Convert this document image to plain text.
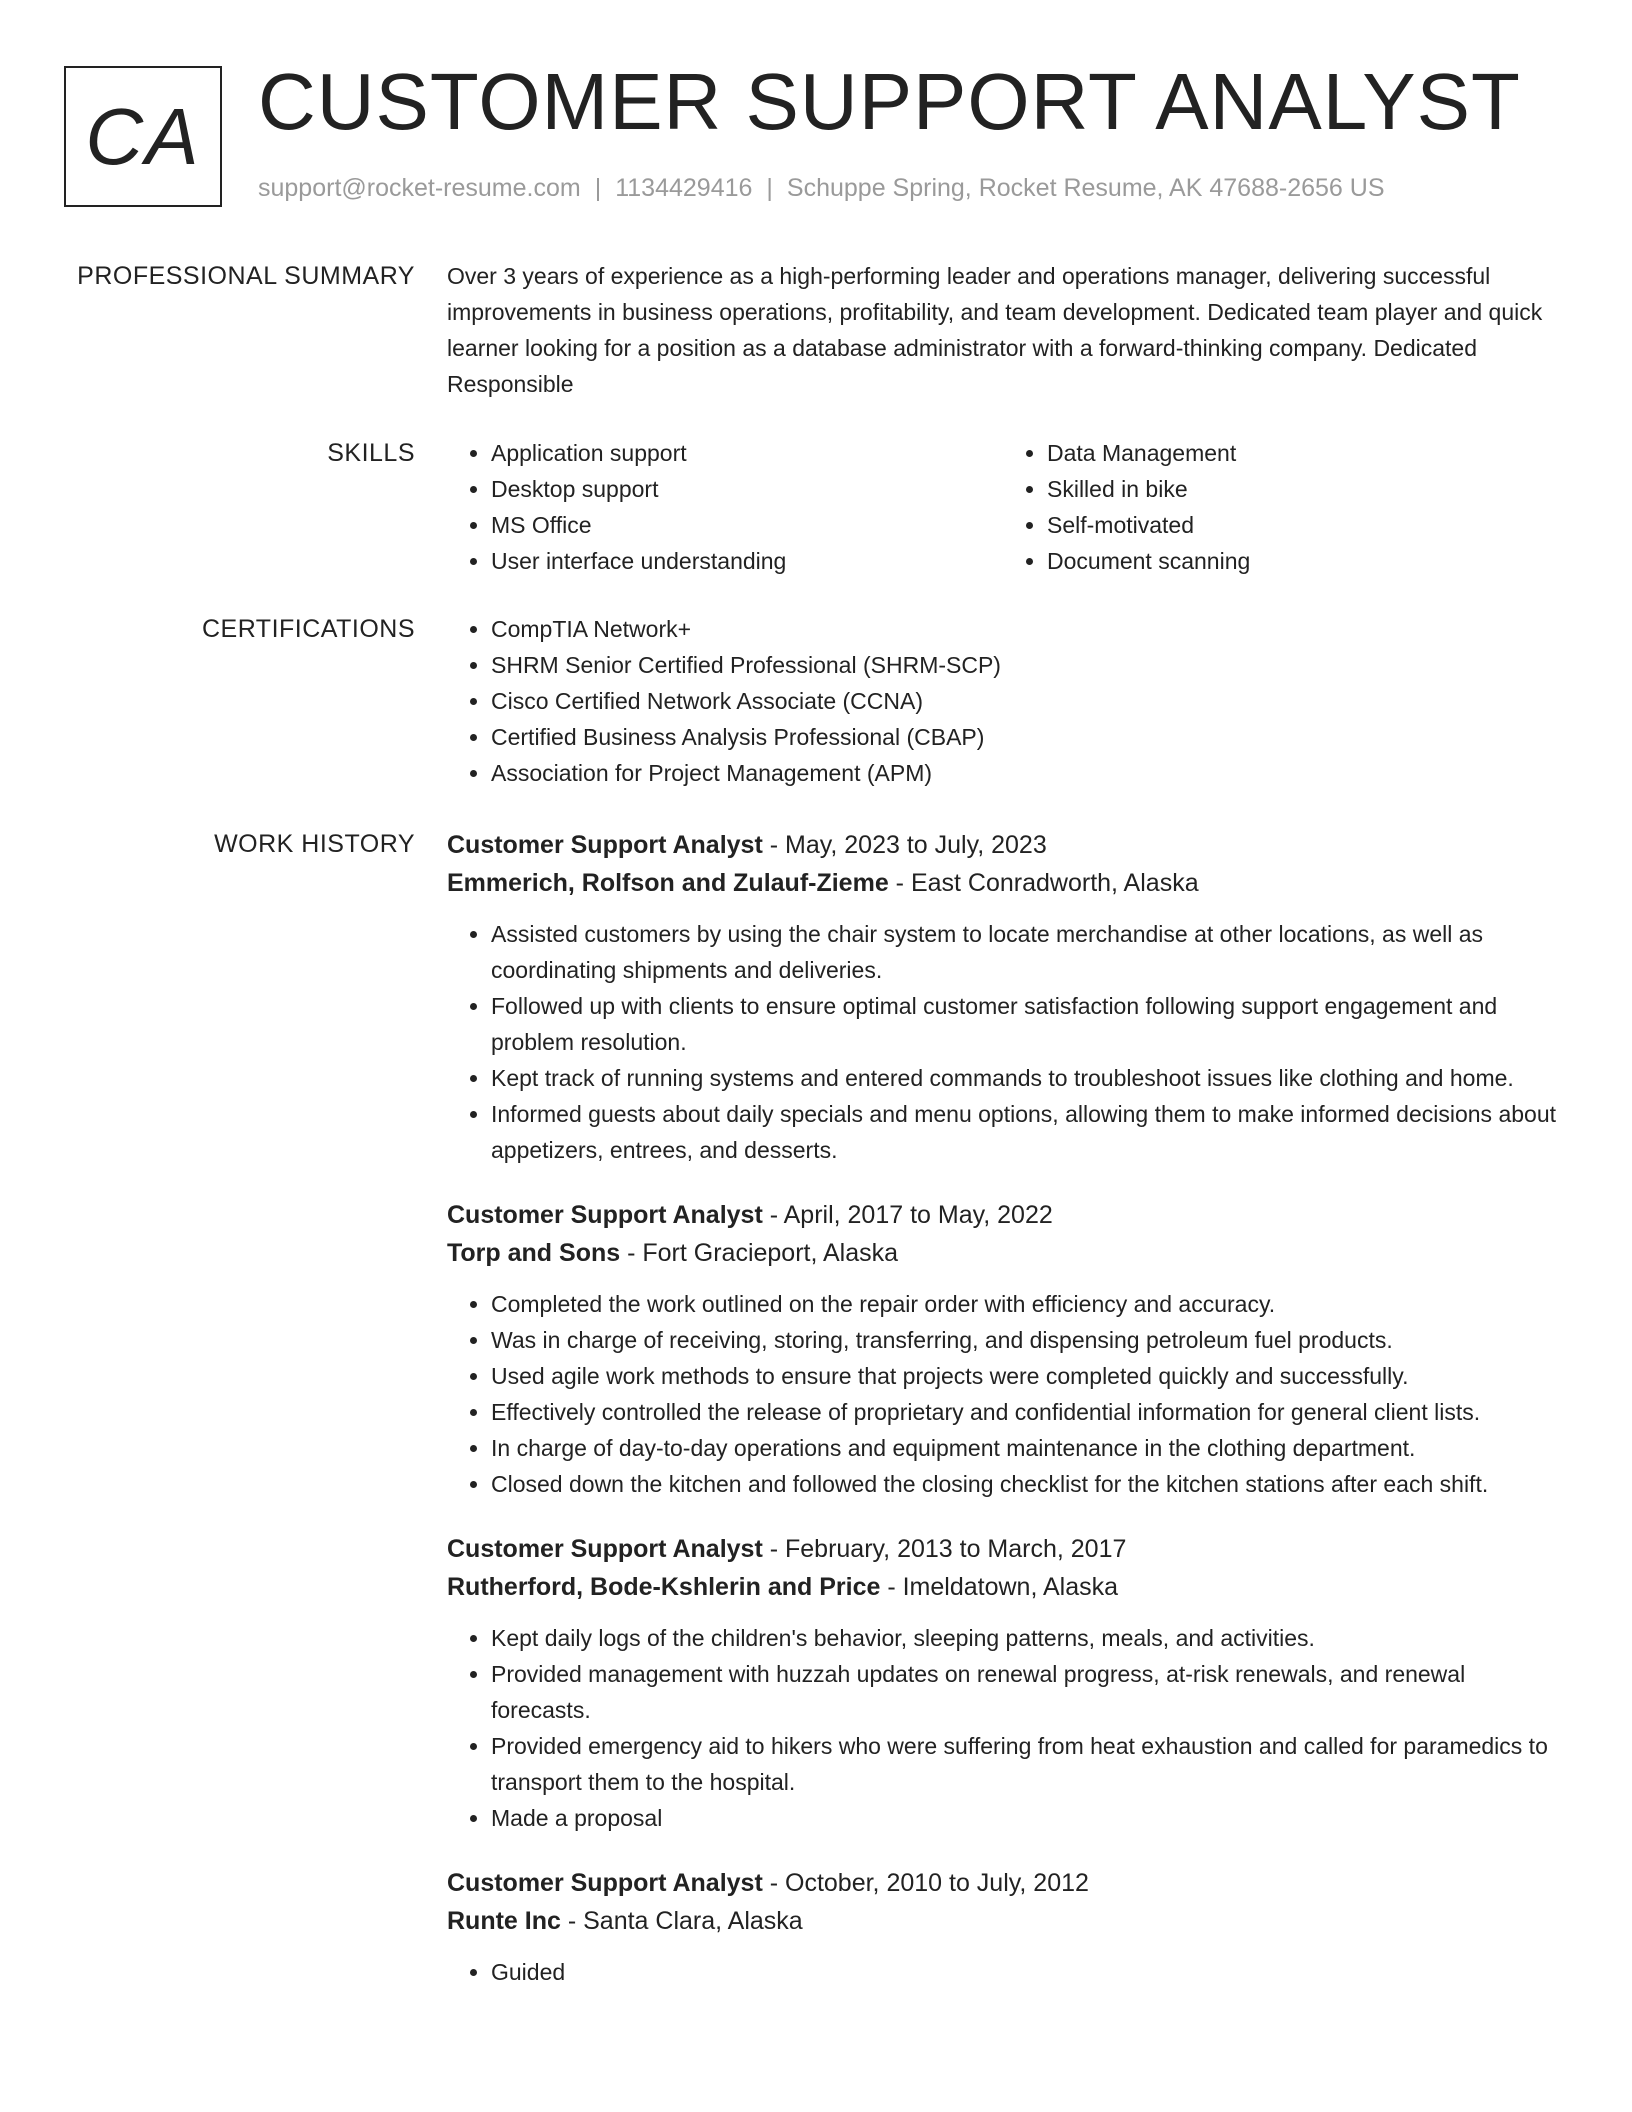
CA CUSTOMER SUPPORT ANALYST
support@rocket-resume.com | 1134429416 | Schuppe Spring, Rocket Resume, AK 47688-2656 US
PROFESSIONAL SUMMARY Over 3 years of experience as a high-performing leader and operations manager, delivering successful improvements in business operations, profitability, and team development. Dedicated team player and quick learner looking for a position as a database administrator with a forward-thinking company. Dedicated Responsible
SKILLS	• Application support
• Desktop support
• MS Office
• User interface understanding
• Data Management
• Skilled in bike
• Self-motivated
• Document scanning
CERTIFICATIONS	• CompTIA Network+
• SHRM Senior Certified Professional (SHRM-SCP)
• Cisco Certified Network Associate (CCNA)
• Certified Business Analysis Professional (CBAP)
• Association for Project Management (APM)
WORK HISTORY Customer Support Analyst - May, 2023 to July, 2023
Emmerich, Rolfson and Zulauf-Zieme - East Conradworth, Alaska
• Assisted customers by using the chair system to locate merchandise at other locations, as well as coordinating shipments and deliveries.
• Followed up with clients to ensure optimal customer satisfaction following support engagement and problem resolution.
• Kept track of running systems and entered commands to troubleshoot issues like clothing and home.
• Informed guests about daily specials and menu options, allowing them to make informed decisions about appetizers, entrees, and desserts.
Customer Support Analyst - April, 2017 to May, 2022
Torp and Sons - Fort Gracieport, Alaska
• Completed the work outlined on the repair order with efficiency and accuracy.
• Was in charge of receiving, storing, transferring, and dispensing petroleum fuel products.
• Used agile work methods to ensure that projects were completed quickly and successfully.
• Effectively controlled the release of proprietary and confidential information for general client lists.
• In charge of day-to-day operations and equipment maintenance in the clothing department.
• Closed down the kitchen and followed the closing checklist for the kitchen stations after each shift.
Customer Support Analyst - February, 2013 to March, 2017
Rutherford, Bode-Kshlerin and Price - Imeldatown, Alaska
• Kept daily logs of the children's behavior, sleeping patterns, meals, and activities.
• Provided management with huzzah updates on renewal progress, at-risk renewals, and renewal forecasts.
• Provided emergency aid to hikers who were suffering from heat exhaustion and called for paramedics to transport them to the hospital.
• Made a proposal
Customer Support Analyst - October, 2010 to July, 2012
Runte Inc - Santa Clara, Alaska
• Guided
